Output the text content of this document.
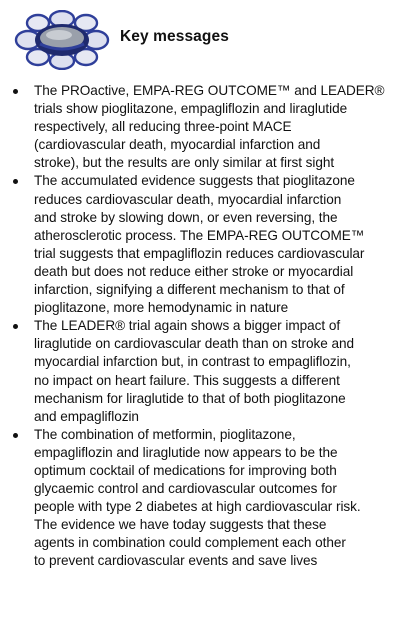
Key messages
The PROactive, EMPA-REG OUTCOME™ and LEADER®
trials show pioglitazone, empagliflozin and liraglutide
respectively, all reducing three-point MACE
(cardiovascular death, myocardial infarction and
stroke), but the results are only similar at first sight
The accumulated evidence suggests that pioglitazone
reduces cardiovascular death, myocardial infarction
and stroke by slowing down, or even reversing, the
atherosclerotic process. The EMPA-REG OUTCOME™
trial suggests that empagliflozin reduces cardiovascular
death but does not reduce either stroke or myocardial
infarction, signifying a different mechanism to that of
pioglitazone, more hemodynamic in nature
The LEADER® trial again shows a bigger impact of
liraglutide on cardiovascular death than on stroke and
myocardial infarction but, in contrast to empagliflozin,
no impact on heart failure. This suggests a different
mechanism for liraglutide to that of both pioglitazone
and empagliflozin
The combination of metformin, pioglitazone,
empagliflozin and liraglutide now appears to be the
optimum cocktail of medications for improving both
glycaemic control and cardiovascular outcomes for
people with type 2 diabetes at high cardiovascular risk.
The evidence we have today suggests that these
agents in combination could complement each other
to prevent cardiovascular events and save lives
